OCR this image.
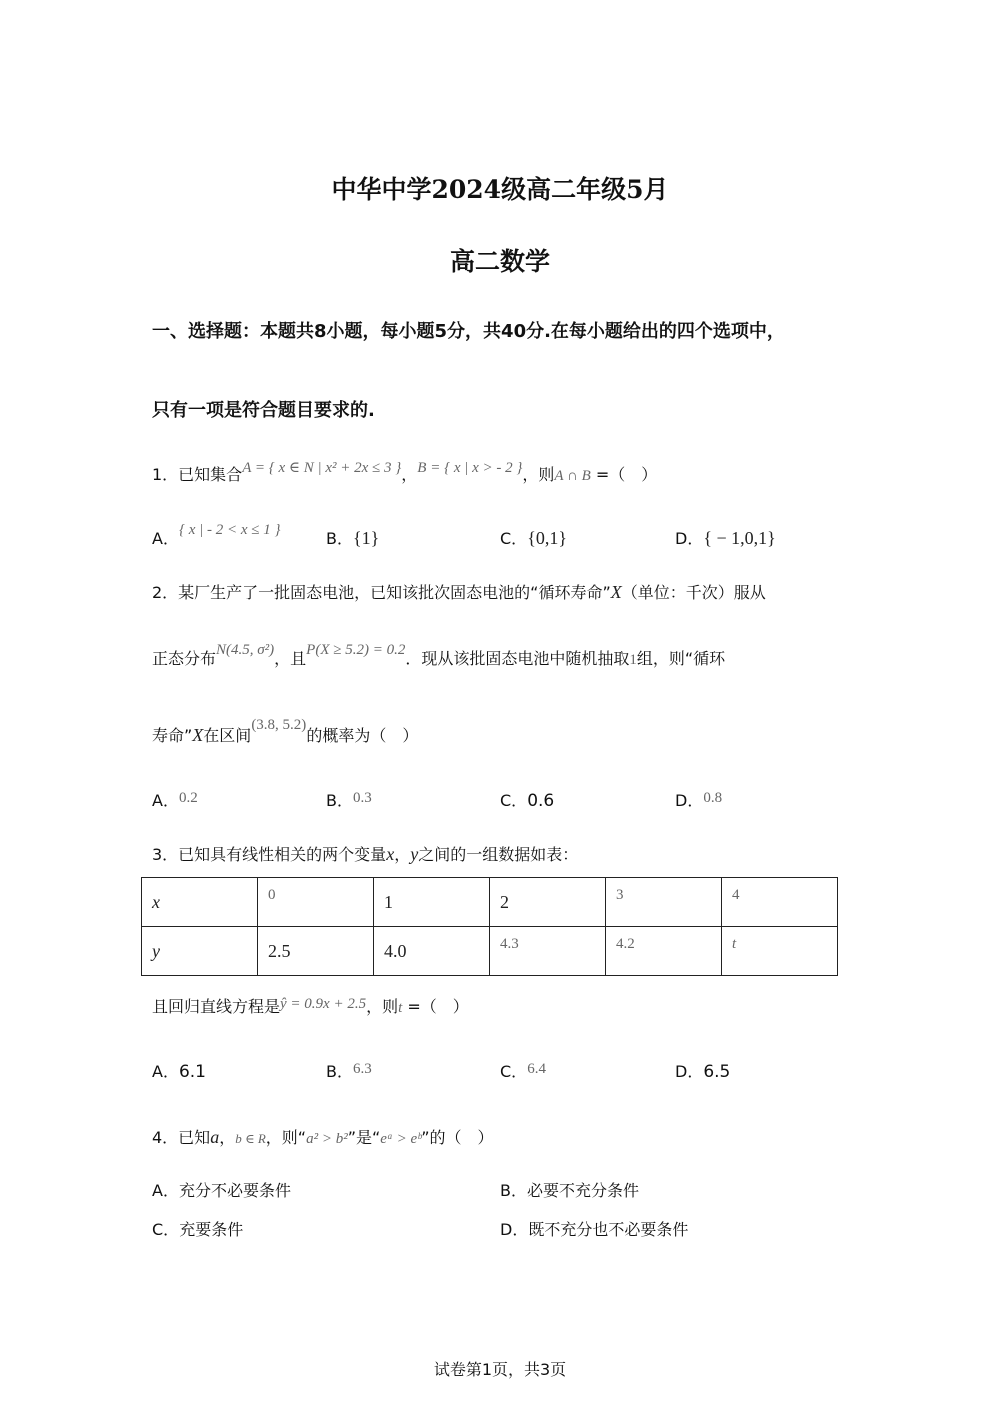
中华中学2024级高二年级5月
高二数学
一、选择题：本题共8小题，每小题5分，共40分.在每小题给出的四个选项中，
只有一项是符合题目要求的.
1．已知集合A = { x ∈ N | x² + 2x ≤ 3 }，B = { x | x > - 2 }，则A ∩ B =（　）
A．{ x | - 2 < x ≤ 1 }	B．{1}	C．{0,1}	D．{ − 1,0,1}
2．某厂生产了一批固态电池，已知该批次固态电池的“循环寿命”X（单位：千次）服从
正态分布N(4.5, σ²)，且P(X ≥ 5.2) = 0.2．现从该批固态电池中随机抽取1组，则“循环
寿命”X在区间(3.8, 5.2)的概率为（　）
A．0.2	B．0.3	C．0.6	D．0.8
3．已知具有线性相关的两个变量x，y之间的一组数据如表：
x	0	1	2	3	4
y	2.5	4.0	4.3	4.2	t
且回归直线方程是ŷ = 0.9x + 2.5，则t =（　）
A．6.1	B．6.3	C．6.4	D．6.5
4．已知a，b ∈ R，则“a² > b²”是“eᵃ > eᵇ”的（　）
A．充分不必要条件	B．必要不充分条件
C．充要条件	D．既不充分也不必要条件
试卷第1页，共3页
